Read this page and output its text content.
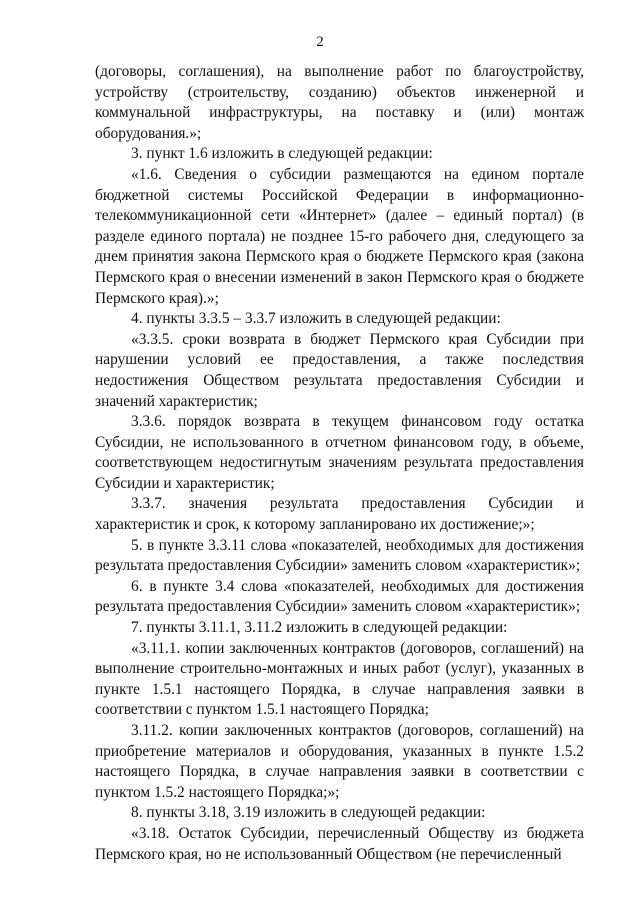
2

(договоры, соглашения), на выполнение работ по благоустройству, устройству (строительству, созданию) объектов инженерной и коммунальной инфраструктуры, на поставку и (или) монтаж оборудования.»;

3. пункт 1.6 изложить в следующей редакции:

«1.6. Сведения о субсидии размещаются на едином портале бюджетной системы Российской Федерации в информационно-телекоммуникационной сети «Интернет» (далее – единый портал) (в разделе единого портала) не позднее 15-го рабочего дня, следующего за днем принятия закона Пермского края о бюджете Пермского края (закона Пермского края о внесении изменений в закон Пермского края о бюджете Пермского края).»;

4. пункты 3.3.5 – 3.3.7 изложить в следующей редакции:

«3.3.5. сроки возврата в бюджет Пермского края Субсидии при нарушении условий ее предоставления, а также последствия недостижения Обществом результата предоставления Субсидии и значений характеристик;

3.3.6. порядок возврата в текущем финансовом году остатка Субсидии, не использованного в отчетном финансовом году, в объеме, соответствующем недостигнутым значениям результата предоставления Субсидии и характеристик;

3.3.7. значения результата предоставления Субсидии и характеристик и срок, к которому запланировано их достижение;»;

5. в пункте 3.3.11 слова «показателей, необходимых для достижения результата предоставления Субсидии» заменить словом «характеристик»;

6. в пункте 3.4 слова «показателей, необходимых для достижения результата предоставления Субсидии» заменить словом «характеристик»;

7. пункты 3.11.1, 3.11.2 изложить в следующей редакции:

«3.11.1. копии заключенных контрактов (договоров, соглашений) на выполнение строительно-монтажных и иных работ (услуг), указанных в пункте 1.5.1 настоящего Порядка, в случае направления заявки в соответствии с пунктом 1.5.1 настоящего Порядка;

3.11.2. копии заключенных контрактов (договоров, соглашений) на приобретение материалов и оборудования, указанных в пункте 1.5.2 настоящего Порядка, в случае направления заявки в соответствии с пунктом 1.5.2 настоящего Порядка;»;

8. пункты 3.18, 3.19 изложить в следующей редакции:

«3.18. Остаток Субсидии, перечисленный Обществу из бюджета Пермского края, но не использованный Обществом (не перечисленный
